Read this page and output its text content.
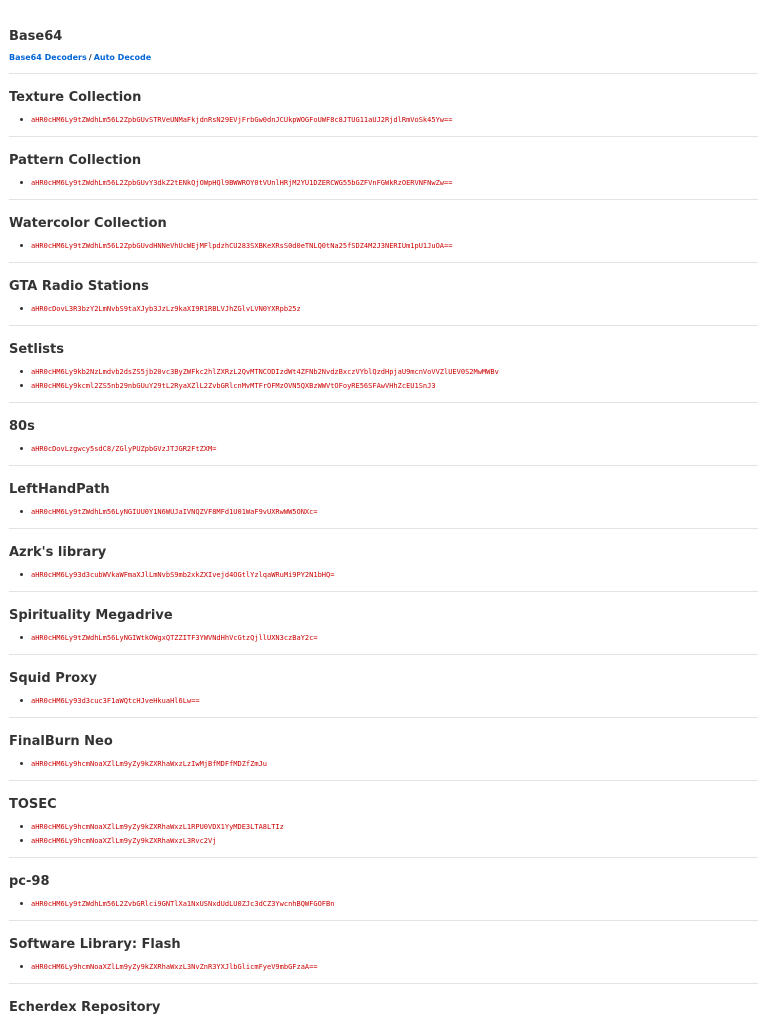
Base64
Base64 Decoders / Auto Decode
Texture Collection
aHR0cHM6Ly9tZWdhLm56L2ZpbGUvSTRVeUNMaFkjdnRsN29EVjFrbGw0dnJCUkpWOGFoUWF8c8JTUG11aUJ2RjdlRmVoSk45Yw==
Pattern Collection
aHR0cHM6Ly9tZWdhLm56L2ZpbGUvY3dkZ2tENkQjOWpHQl9BWWROY0tVUnlHRjM2YU1DZERCWG55bGZFVnFGWkRzOERVNFNwZw==
Watercolor Collection
aHR0cHM6Ly9tZWdhLm56L2ZpbGUvdHNNeVhUcWEjMFlpdzhCU283SXBKeXRsS0d0eTNLQ0tNa25fSDZ4M2J3NERIUm1pU1JuOA==
GTA Radio Stations
aHR0cDovL3R3bzY2LmNvbS9taXJyb3JzLz9kaXI9R1RBLVJhZGlvLVN0YXRpb25z
Setlists
aHR0cHM6Ly9kb2NzLmdvb2dsZS5jb20vc3ByZWFkc2hlZXRzL2QvMTNCODIzdWt4ZFNb2NvdzBxczVYblQzdHpjaU9mcnVoVVZlUEV0S2MwMWBv
aHR0cHM6Ly9kcml2ZS5nb29nbGUuY29tL2RyaXZlL2ZvbGRlcnMvMTFrOFMzOVN5QXBzWWVtOFoyRE56SFAwVHhZcEU1SnJ3
80s
aHR0cDovLzgwcy5sdC8/ZGlyPUZpbGVzJTJGR2FtZXM=
LeftHandPath
aHR0cHM6Ly9tZWdhLm56LyNGIUU0Y1N6WUJaIVNQZVF8MFd1U01WaF9vUXRwWW5ONXc=
Azrk's library
aHR0cHM6Ly93d3cubWVkaWFmaXJlLmNvbS9mb2xkZXIvejd4OGtlYzlqaWRuMi9PY2N1bHQ=
Spirituality Megadrive
aHR0cHM6Ly9tZWdhLm56LyNGIWtkOWgxQTZZITF3YWVNdHhVcGtzQjllUXN3czBaY2c=
Squid Proxy
aHR0cHM6Ly93d3cuc3F1aWQtcHJveHkuaHl6Lw==
FinalBurn Neo
aHR0cHM6Ly9hcmNoaXZlLm9yZy9kZXRhaWxzLzIwMjBfMDFfMDZfZmJu
TOSEC
aHR0cHM6Ly9hcmNoaXZlLm9yZy9kZXRhaWxzL1RPU0VDX1YyMDE3LTA8LTIz
aHR0cHM6Ly9hcmNoaXZlLm9yZy9kZXRhaWxzL3Rvc2Vj
pc-98
aHR0cHM6Ly9tZWdhLm56L2ZvbGRlci9GNTlXa1NxUSNxdUdLU0ZJc3dCZ3YwcnhBQWFGOFBn
Software Library: Flash
aHR0cHM6Ly9hcmNoaXZlLm9yZy9kZXRhaWxzL3NvZnR3YXJlbGlicmFyeV9mbGFzaA==
Echerdex Repository
